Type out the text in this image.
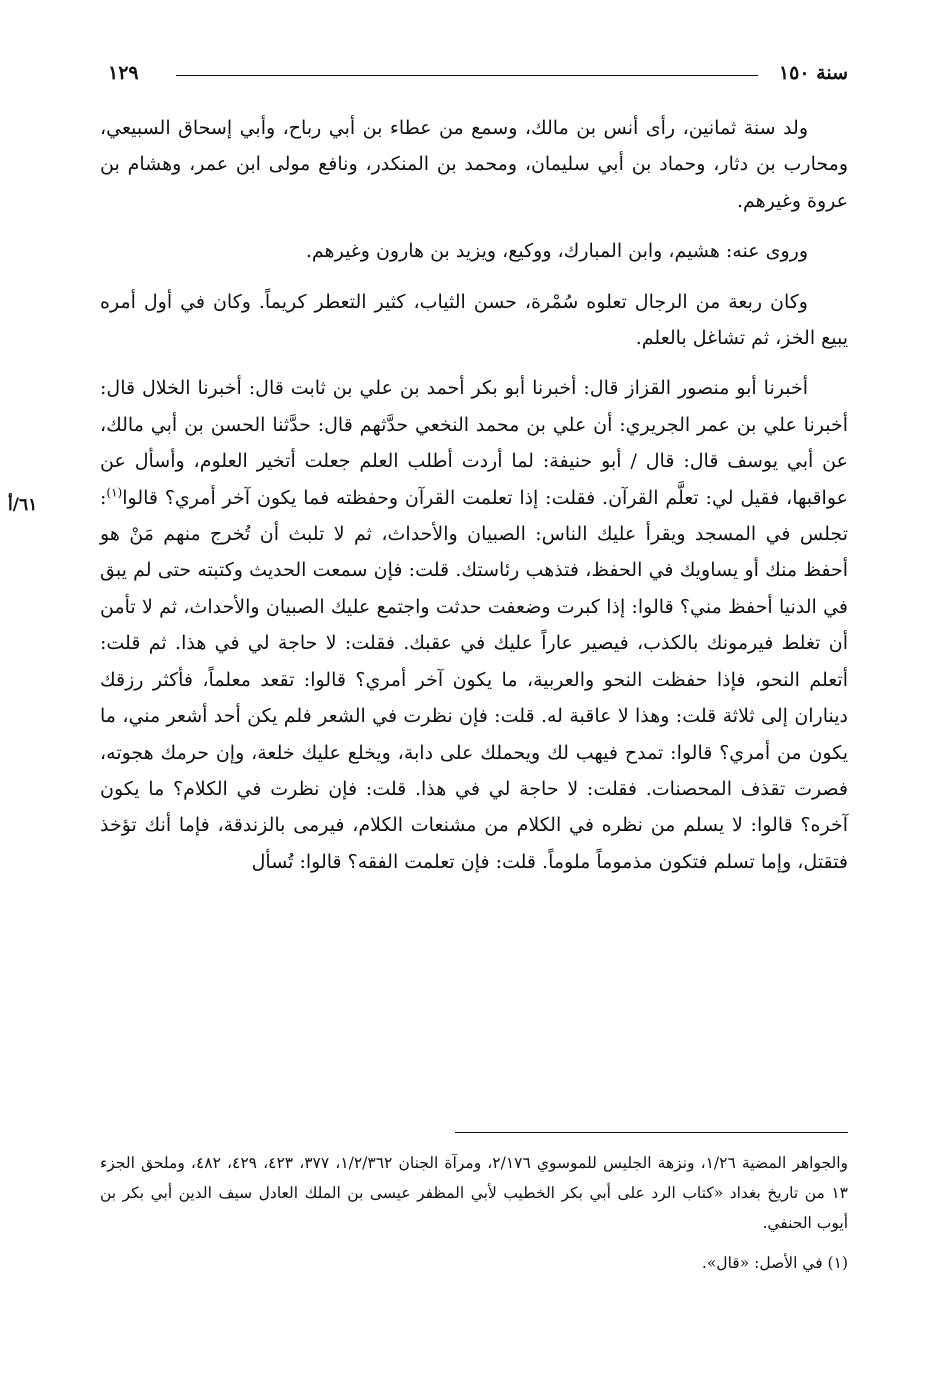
سنة ١٥٠
١٢٩

ولد سنة ثمانين، رأى أنس بن مالك، وسمع من عطاء بن أبي رباح، وأبي إسحاق السبيعي، ومحارب بن دثار، وحماد بن أبي سليمان، ومحمد بن المنكدر، ونافع مولى ابن عمر، وهشام بن عروة وغيرهم.

وروى عنه: هشيم، وابن المبارك، ووكيع، ويزيد بن هارون وغيرهم.

وكان ربعة من الرجال تعلوه سُمْرة، حسن الثياب، كثير التعطر كريماً. وكان في أول أمره يبيع الخز، ثم تشاغل بالعلم.

أخبرنا أبو منصور القزاز قال: أخبرنا أبو بكر أحمد بن علي بن ثابت قال: أخبرنا الخلال قال: أخبرنا علي بن عمر الجريري: أن علي بن محمد النخعي حدَّثهم قال: حدَّثنا الحسن بن أبي مالك، عن أبي يوسف قال: قال / أبو حنيفة: لما أردت أطلب العلم جعلت أتخير العلوم، وأسأل عن عواقبها، فقيل لي: تعلَّم القرآن. فقلت: إذا تعلمت القرآن وحفظته فما يكون آخر أمري؟ قالوا$^{(١)}$: تجلس في المسجد ويقرأ عليك الناس: الصبيان والأحداث، ثم لا تلبث أن تُخرج منهم مَنْ هو أحفظ منك أو يساويك في الحفظ، فتذهب رئاستك. قلت: فإن سمعت الحديث وكتبته حتى لم يبق في الدنيا أحفظ مني؟ قالوا: إذا كبرت وضعفت حدثت واجتمع عليك الصبيان والأحداث، ثم لا تأمن أن تغلط فيرمونك بالكذب، فيصير عاراً عليك في عقبك. فقلت: لا حاجة لي في هذا. ثم قلت: أتعلم النحو، فإذا حفظت النحو والعربية، ما يكون آخر أمري؟ قالوا: تقعد معلماً، فأكثر رزقك ديناران إلى ثلاثة قلت: وهذا لا عاقبة له. قلت: فإن نظرت في الشعر فلم يكن أحد أشعر مني، ما يكون من أمري؟ قالوا: تمدح فيهب لك ويحملك على دابة، ويخلع عليك خلعة، وإن حرمك هجوته، فصرت تقذف المحصنات. فقلت: لا حاجة لي في هذا. قلت: فإن نظرت في الكلام؟ ما يكون آخره؟ قالوا: لا يسلم من نظره في الكلام من مشنعات الكلام، فيرمى بالزندقة، فإما أنك تؤخذ فتقتل، وإما تسلم فتكون مذموماً ملوماً. قلت: فإن تعلمت الفقه؟ قالوا: تُسأل

٦١/أ

والجواهر المضية ١/٢٦، ونزهة الجليس للموسوي ٢/١٧٦، ومرآة الجنان ١/٢/٣٦٢، ٣٧٧، ٤٢٣، ٤٢٩، ٤٨٢، وملحق الجزء ١٣ من تاريخ بغداد «كتاب الرد على أبي بكر الخطيب لأبي المظفر عيسى بن الملك العادل سيف الدين أبي بكر بن أيوب الحنفي.

(١) في الأصل: «قال».
